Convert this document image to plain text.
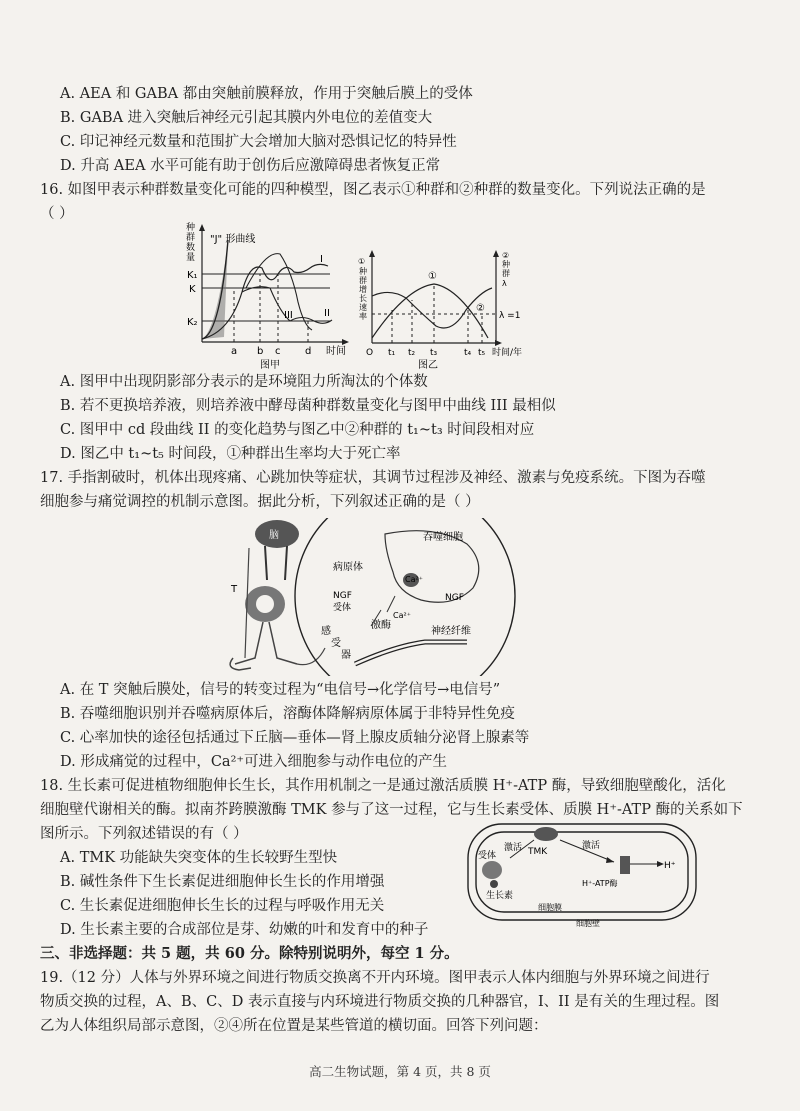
A. AEA 和 GABA 都由突触前膜释放，作用于突触后膜上的受体
B. GABA 进入突触后神经元引起其膜内外电位的差值变大
C. 印记神经元数量和范围扩大会增加大脑对恐惧记忆的特异性
D. 升高 AEA 水平可能有助于创伤后应激障碍患者恢复正常
16. 如图甲表示种群数量变化可能的四种模型，图乙表示①种群和②种群的数量变化。下列说法正确的是
（ ）
种
群
数
量
"J" 形曲线
K₁
K
K₂
I
II
III
a b c d 时间
图甲
①
种
群
增
长
速
率
②
种
群
λ
①
②
λ =1
O t₁ t₂ t₃	t₄ t₅ 时间/年
图乙
A. 图甲中出现阴影部分表示的是环境阻力所淘汰的个体数
B. 若不更换培养液，则培养液中酵母菌种群数量变化与图甲中曲线 III 最相似
C. 图甲中 cd 段曲线 II 的变化趋势与图乙中②种群的 t₁~t₃ 时间段相对应
D. 图乙中 t₁~t₅ 时间段，①种群出生率均大于死亡率
17. 手指割破时，机体出现疼痛、心跳加快等症状，其调节过程涉及神经、激素与免疫系统。下图为吞噬
细胞参与痛觉调控的机制示意图。据此分析，下列叙述正确的是（ ）
脑
T
吞噬细胞
病原体
NGF
NGF
受体
Ca²⁺
Ca²⁺
激酶
感
受
器
神经纤维
A. 在 T 突触后膜处，信号的转变过程为“电信号→化学信号→电信号”
B. 吞噬细胞识别并吞噬病原体后，溶酶体降解病原体属于非特异性免疫
C. 心率加快的途径包括通过下丘脑—垂体—肾上腺皮质轴分泌肾上腺素等
D. 形成痛觉的过程中，Ca²⁺可进入细胞参与动作电位的产生
18. 生长素可促进植物细胞伸长生长，其作用机制之一是通过激活质膜 H⁺-ATP 酶，导致细胞壁酸化，活化
细胞壁代谢相关的酶。拟南芥跨膜激酶 TMK 参与了这一过程，它与生长素受体、质膜 H⁺-ATP 酶的关系如下
图所示。下列叙述错误的有（ ）
TMK
激活	激活
受体
生长素
H⁺-ATP酶
H⁺
细胞膜
细胞壁
A. TMK 功能缺失突变体的生长较野生型快
B. 碱性条件下生长素促进细胞伸长生长的作用增强
C. 生长素促进细胞伸长生长的过程与呼吸作用无关
D. 生长素主要的合成部位是芽、幼嫩的叶和发育中的种子
三、非选择题：共 5 题，共 60 分。除特别说明外，每空 1 分。
19.（12 分）人体与外界环境之间进行物质交换离不开内环境。图甲表示人体内细胞与外界环境之间进行
物质交换的过程，A、B、C、D 表示直接与内环境进行物质交换的几种器官，I、II 是有关的生理过程。图
乙为人体组织局部示意图，②④所在位置是某些管道的横切面。回答下列问题：
高二生物试题，第 4 页，共 8 页
